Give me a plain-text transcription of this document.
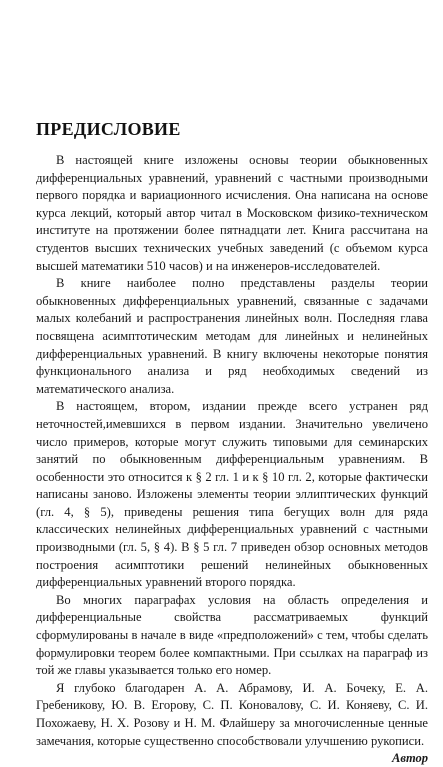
ПРЕДИСЛОВИЕ

В настоящей книге изложены основы теории обыкновенных дифференциальных уравнений, уравнений с частными производными первого порядка и вариационного исчисления. Она написана на основе курса лекций, который автор читал в Московском физико-техническом институте на протяжении более пятнадцати лет. Книга рассчитана на студентов высших технических учебных заведений (с объемом курса высшей математики 510 часов) и на инженеров-исследователей.

В книге наиболее полно представлены разделы теории обыкновенных дифференциальных уравнений, связанные с задачами малых колебаний и распространения линейных волн. Последняя глава посвящена асимптотическим методам для линейных и нелинейных дифференциальных уравнений. В книгу включены некоторые понятия функционального анализа и ряд необходимых сведений из математического анализа.

В настоящем, втором, издании прежде всего устранен ряд неточностей,имевшихся в первом издании. Значительно увеличено число примеров, которые могут служить типовыми для семинарских занятий по обыкновенным дифференциальным уравнениям. В особенности это относится к § 2 гл. 1 и к § 10 гл. 2, которые фактически написаны заново. Изложены элементы теории эллиптических функций (гл. 4, § 5), приведены решения типа бегущих волн для ряда классических нелинейных дифференциальных уравнений с частными производными (гл. 5, § 4). В § 5 гл. 7 приведен обзор основных методов построения асимптотики решений нелинейных обыкновенных дифференциальных уравнений второго порядка.

Во многих параграфах условия на область определения и дифференциальные свойства рассматриваемых функций сформулированы в начале в виде «предположений» с тем, чтобы сделать формулировки теорем более компактными. При ссылках на параграф из той же главы указывается только его номер.

Я глубоко благодарен А. А. Абрамову, И. А. Бочеку, Е. А. Гребеникову, Ю. В. Егорову, С. П. Коновалову, С. И. Коняеву, С. И. Похожаеву, Н. Х. Розову и Н. М. Флайшеру за многочисленные ценные замечания, которые существенно способствовали улучшению рукописи.

Автор
